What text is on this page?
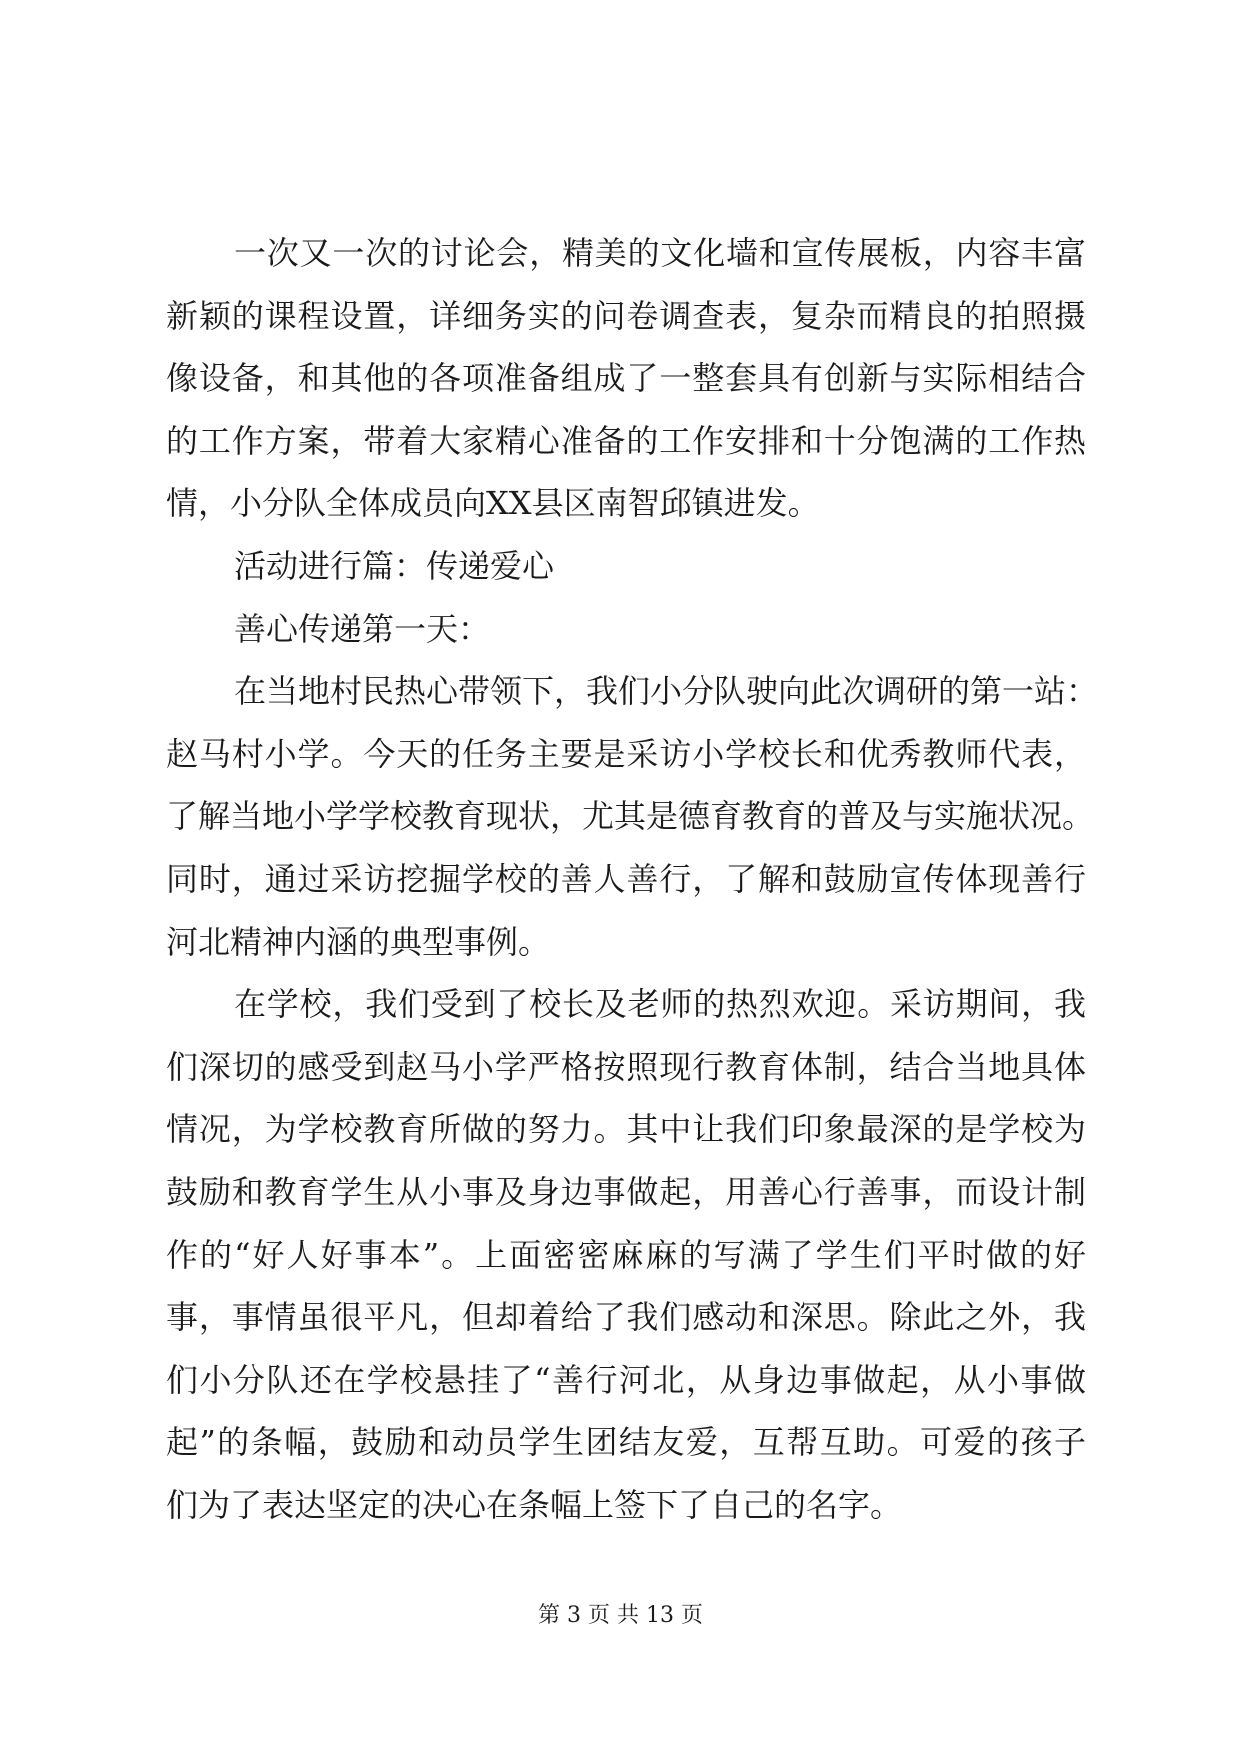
一次又一次的讨论会，精美的文化墙和宣传展板，内容丰富
新颖的课程设置，详细务实的问卷调查表，复杂而精良的拍照摄
像设备，和其他的各项准备组成了一整套具有创新与实际相结合
的工作方案，带着大家精心准备的工作安排和十分饱满的工作热
情，小分队全体成员向XX县区南智邱镇进发。
活动进行篇：传递爱心
善心传递第一天：
在当地村民热心带领下，我们小分队驶向此次调研的第一站：
赵马村小学。今天的任务主要是采访小学校长和优秀教师代表，
了解当地小学学校教育现状，尤其是德育教育的普及与实施状况。
同时，通过采访挖掘学校的善人善行，了解和鼓励宣传体现善行
河北精神内涵的典型事例。
在学校，我们受到了校长及老师的热烈欢迎。采访期间，我
们深切的感受到赵马小学严格按照现行教育体制，结合当地具体
情况，为学校教育所做的努力。其中让我们印象最深的是学校为
鼓励和教育学生从小事及身边事做起，用善心行善事，而设计制
作的“好人好事本”。上面密密麻麻的写满了学生们平时做的好
事，事情虽很平凡，但却着给了我们感动和深思。除此之外，我
们小分队还在学校悬挂了“善行河北，从身边事做起，从小事做
起”的条幅，鼓励和动员学生团结友爱，互帮互助。可爱的孩子
们为了表达坚定的决心在条幅上签下了自己的名字。
第 3 页 共 13 页
